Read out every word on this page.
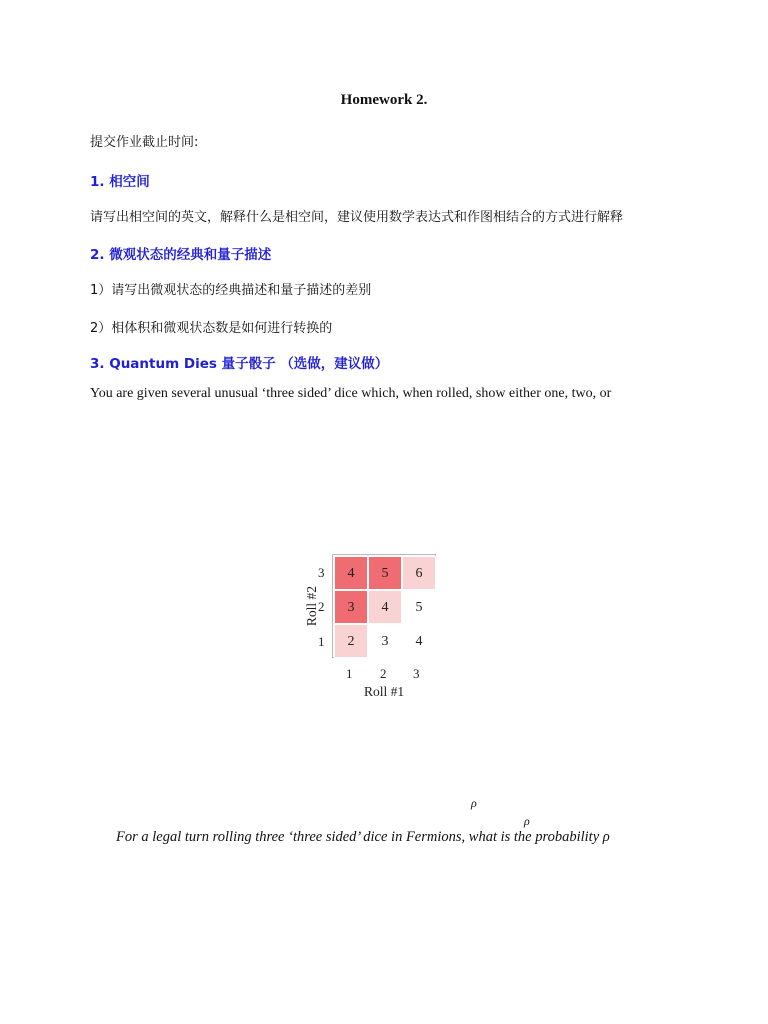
Homework 2.
提交作业截止时间:
1. 相空间
请写出相空间的英文，解释什么是相空间，建议使用数学表达式和作图相结合的方式进行解释
2. 微观状态的经典和量子描述
1）请写出微观状态的经典描述和量子描述的差别
2）相体积和微观状态数是如何进行转换的
3. Quantum Dies 量子骰子 （选做，建议做）
You are given several unusual ‘three sided’ dice which, when rolled, show either one, two, or
Roll #2
3
2
1
4	5	6
3	4	5
2	3	4
1 2 3
Roll #1
ρ
ρ
For a legal turn rolling three ‘three sided’ dice in Fermions, what is the probability ρ
